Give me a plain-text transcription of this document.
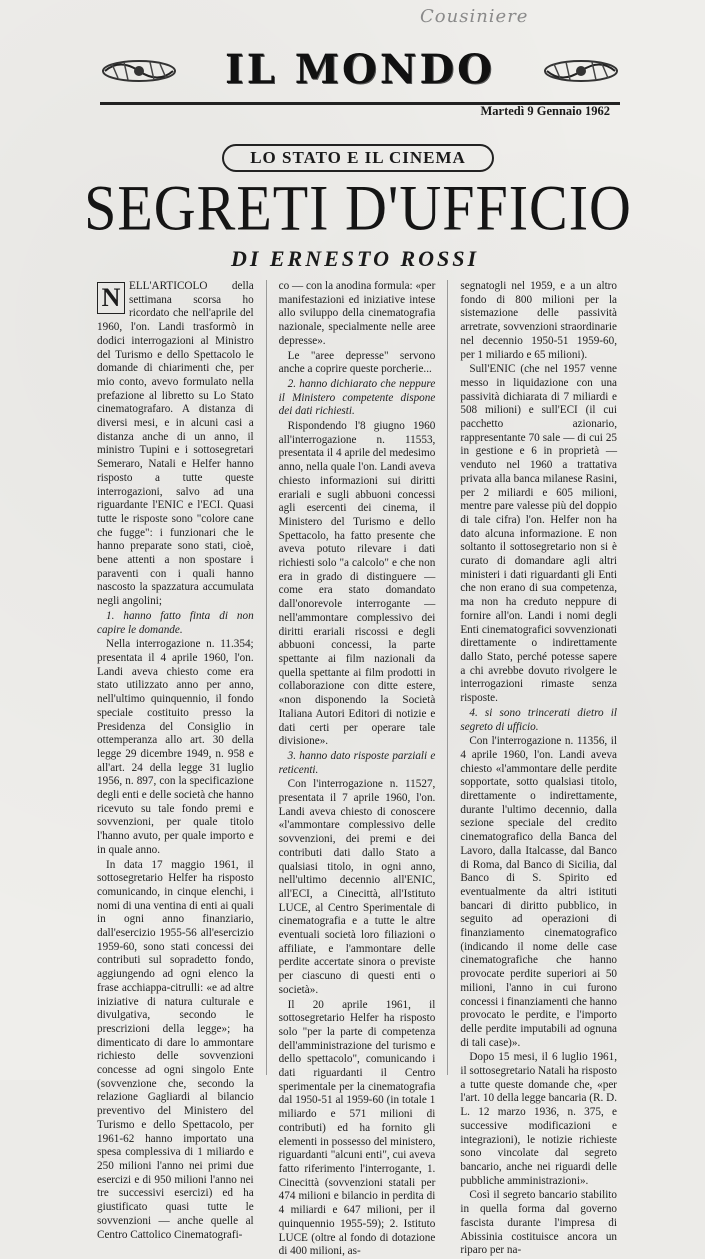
Cousiniere
IL MONDO
Martedì 9 Gennaio 1962
LO STATO E IL CINEMA
SEGRETI D'UFFICIO
DI ERNESTO ROSSI
N ELL'ARTICOLO della settimana scorsa ho ricordato che nell'aprile del 1960, l'on. Landi trasformò in dodici interrogazioni al Ministro del Turismo e dello Spettacolo le domande di chiarimenti che, per mio conto, avevo formulato nella prefazione al libretto su Lo Stato cinematografaro. A distanza di diversi mesi, e in alcuni casi a distanza anche di un anno, il ministro Tupini e i sottosegretari Semeraro, Natali e Helfer hanno risposto a tutte queste interrogazioni, salvo ad una riguardante l'ENIC e l'ECI. Quasi tutte le risposte sono "colore cane che fugge": i funzionari che le hanno preparate sono stati, cioè, bene attenti a non spostare i paraventi con i quali hanno nascosto la spazzatura accumulata negli angolini;

1. hanno fatto finta di non capire le domande.

Nella interrogazione n. 11.354; presentata il 4 aprile 1960, l'on. Landi aveva chiesto come era stato utilizzato anno per anno, nell'ultimo quinquennio, il fondo speciale costituito presso la Presidenza del Consiglio in ottemperanza allo art. 30 della legge 29 dicembre 1949, n. 958 e all'art. 24 della legge 31 luglio 1956, n. 897, con la specificazione degli enti e delle società che hanno ricevuto su tale fondo premi e sovvenzioni, per quale titolo l'hanno avuto, per quale importo e in quale anno.

In data 17 maggio 1961, il sottosegretario Helfer ha risposto comunicando, in cinque elenchi, i nomi di una ventina di enti ai quali in ogni anno finanziario, dall'esercizio 1955-56 all'esercizio 1959-60, sono stati concessi dei contributi sul sopradetto fondo, aggiungendo ad ogni elenco la frase acchiappa-citrulli: «e ad altre iniziative di natura culturale e divulgativa, secondo le prescrizioni della legge»; ha dimenticato di dare lo ammontare richiesto delle sovvenzioni concesse ad ogni singolo Ente (sovvenzione che, secondo la relazione Gagliardi al bilancio preventivo del Ministero del Turismo e dello Spettacolo, per 1961-62 hanno importato una spesa complessiva di 1 miliardo e 250 milioni l'anno nei primi due esercizi e di 950 milioni l'anno nei tre successivi esercizi) ed ha giustificato quasi tutte le sovvenzioni — anche quelle al Centro Cattolico Cinematografi-

co — con la anodina formula: «per manifestazioni ed iniziative intese allo sviluppo della cinematografia nazionale, specialmente nelle aree depresse».

Le "aree depresse" servono anche a coprire queste porcherie...

2. hanno dichiarato che neppure il Ministero competente dispone dei dati richiesti.

Rispondendo l'8 giugno 1960 all'interrogazione n. 11553, presentata il 4 aprile del medesimo anno, nella quale l'on. Landi aveva chiesto informazioni sui diritti erariali e sugli abbuoni concessi agli esercenti dei cinema, il Ministero del Turismo e dello Spettacolo, ha fatto presente che aveva potuto rilevare i dati richiesti solo "a calcolo" e che non era in grado di distinguere — come era stato domandato dall'onorevole interrogante — nell'ammontare complessivo dei diritti erariali riscossi e degli abbuoni concessi, la parte spettante ai film nazionali da quella spettante ai film prodotti in collaborazione con ditte estere, «non disponendo la Società Italiana Autori Editori di notizie e dati certi per operare tale divisione».

3. hanno dato risposte parziali e reticenti.

Con l'interrogazione n. 11527, presentata il 7 aprile 1960, l'on. Landi aveva chiesto di conoscere «l'ammontare complessivo delle sovvenzioni, dei premi e dei contributi dati dallo Stato a qualsiasi titolo, in ogni anno, nell'ultimo decennio all'ENIC, all'ECI, a Cinecittà, all'Istituto LUCE, al Centro Sperimentale di cinematografia e a tutte le altre eventuali società loro filiazioni o affiliate, e l'ammontare delle perdite accertate sinora o previste per ciascuno di questi enti o società».

Il 20 aprile 1961, il sottosegretario Helfer ha risposto solo "per la parte di competenza dell'amministrazione del turismo e dello spettacolo", comunicando i dati riguardanti il Centro sperimentale per la cinematografia dal 1950-51 al 1959-60 (in totale 1 miliardo e 571 milioni di contributi) ed ha fornito gli elementi in possesso del ministero, riguardanti "alcuni enti", cui aveva fatto riferimento l'interrogante, 1. Cinecittà (sovvenzioni statali per 474 milioni e bilancio in perdita di 4 miliardi e 647 milioni, per il quinquennio 1955-59); 2. Istituto LUCE (oltre al fondo di dotazione di 400 milioni, as-

segnatogli nel 1959, e a un altro fondo di 800 milioni per la sistemazione delle passività arretrate, sovvenzioni straordinarie nel decennio 1950-51 1959-60, per 1 miliardo e 65 milioni).

Sull'ENIC (che nel 1957 venne messo in liquidazione con una passività dichiarata di 7 miliardi e 508 milioni) e sull'ECI (il cui pacchetto azionario, rappresentante 70 sale — di cui 25 in gestione e 6 in proprietà — venduto nel 1960 a trattativa privata alla banca milanese Rasini, per 2 miliardi e 605 milioni, mentre pare valesse più del doppio di tale cifra) l'on. Helfer non ha dato alcuna informazione. E non soltanto il sottosegretario non si è curato di domandare agli altri ministeri i dati riguardanti gli Enti che non erano di sua competenza, ma non ha creduto neppure di fornire all'on. Landi i nomi degli Enti cinematografici sovvenzionati direttamente o indirettamente dallo Stato, perché potesse sapere a chi avrebbe dovuto rivolgere le interrogazioni rimaste senza risposte.

4. si sono trincerati dietro il segreto di ufficio.

Con l'interrogazione n. 11356, il 4 aprile 1960, l'on. Landi aveva chiesto «l'ammontare delle perdite sopportate, sotto qualsiasi titolo, direttamente o indirettamente, durante l'ultimo decennio, dalla sezione speciale del credito cinematografico della Banca del Lavoro, dalla Italcasse, dal Banco di Roma, dal Banco di Sicilia, dal Banco di S. Spirito ed eventualmente da altri istituti bancari di diritto pubblico, in seguito ad operazioni di finanziamento cinematografico (indicando il nome delle case cinematografiche che hanno provocate perdite superiori ai 50 milioni, l'anno in cui furono concessi i finanziamenti che hanno provocato le perdite, e l'importo delle perdite imputabili ad ognuna di tali case)».

Dopo 15 mesi, il 6 luglio 1961, il sottosegretario Natali ha risposto a tutte queste domande che, «per l'art. 10 della legge bancaria (R. D. L. 12 marzo 1936, n. 375, e successive modificazioni e integrazioni), le notizie richieste sono vincolate dal segreto bancario, anche nei riguardi delle pubbliche amministrazioni».

Così il segreto bancario stabilito in quella forma dal governo fascista durante l'impresa di Abissinia costituisce ancora un riparo per na-
